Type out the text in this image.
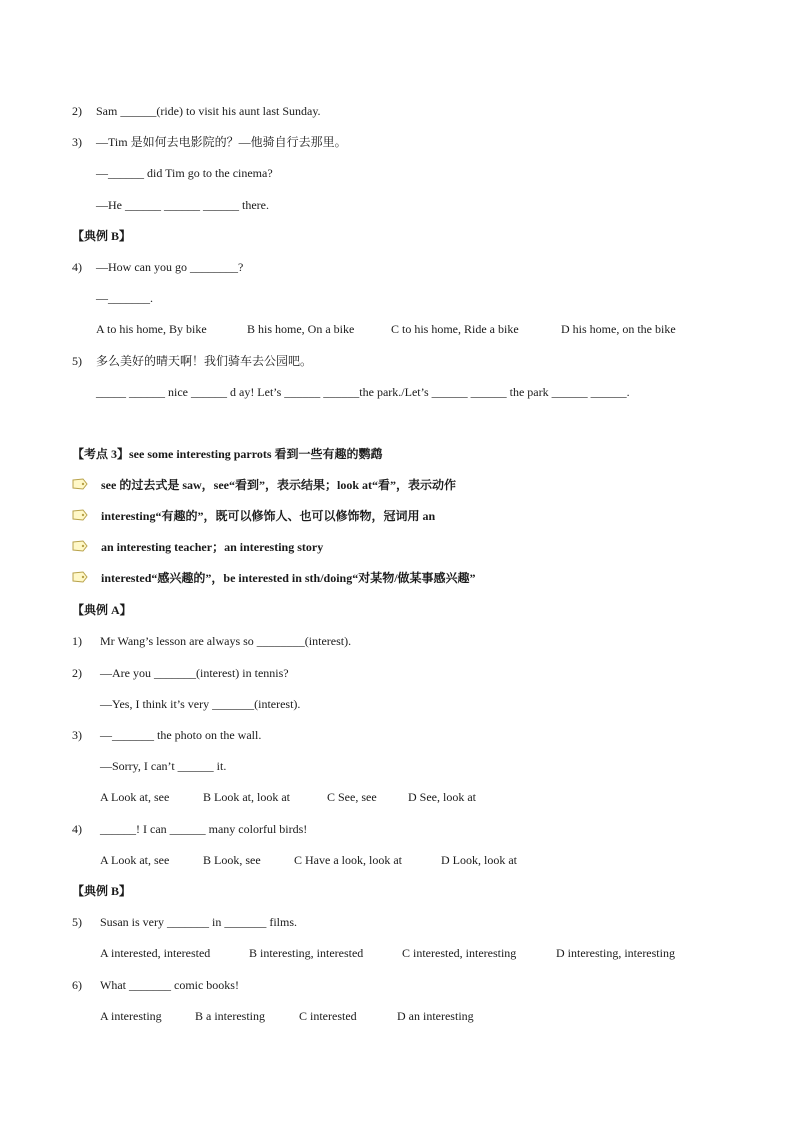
2) Sam ______(ride) to visit his aunt last Sunday.
3) —Tim 是如何去电影院的？—他骑自行去那里。
—______ did Tim go to the cinema?
—He ______ ______ ______ there.
【典例 B】
4) —How can you go ________?
—_______.
A to his home, By bike	B his home, On a bike	C to his home, Ride a bike	D his home, on the bike
5) 多么美好的晴天啊！我们骑车去公园吧。
_____ ______ nice ______ d ay! Let’s ______ ______the park./Let’s ______ ______ the park ______ ______.
【考点 3】see some interesting parrots 看到一些有趣的鹦鹉
see 的过去式是 saw，see“看到”，表示结果；look at“看”，表示动作
interesting“有趣的”，既可以修饰人、也可以修饰物，冠词用 an
an interesting teacher；an interesting story
interested“感兴趣的”，be interested in sth/doing“对某物/做某事感兴趣”
【典例 A】
1) Mr Wang’s lesson are always so ________(interest).
2) —Are you _______(interest) in tennis?
—Yes, I think it’s very _______(interest).
3) —_______ the photo on the wall.
—Sorry, I can’t ______ it.
A Look at, see	B Look at, look at	C See, see	D See, look at
4) ______! I can ______ many colorful birds!
A Look at, see	B Look, see	C Have a look, look at	D Look, look at
【典例 B】
5) Susan is very _______ in _______ films.
A interested, interested	B interesting, interested	C interested, interesting	D interesting, interesting
6) What _______ comic books!
A interesting	B a interesting	C interested	D an interesting
